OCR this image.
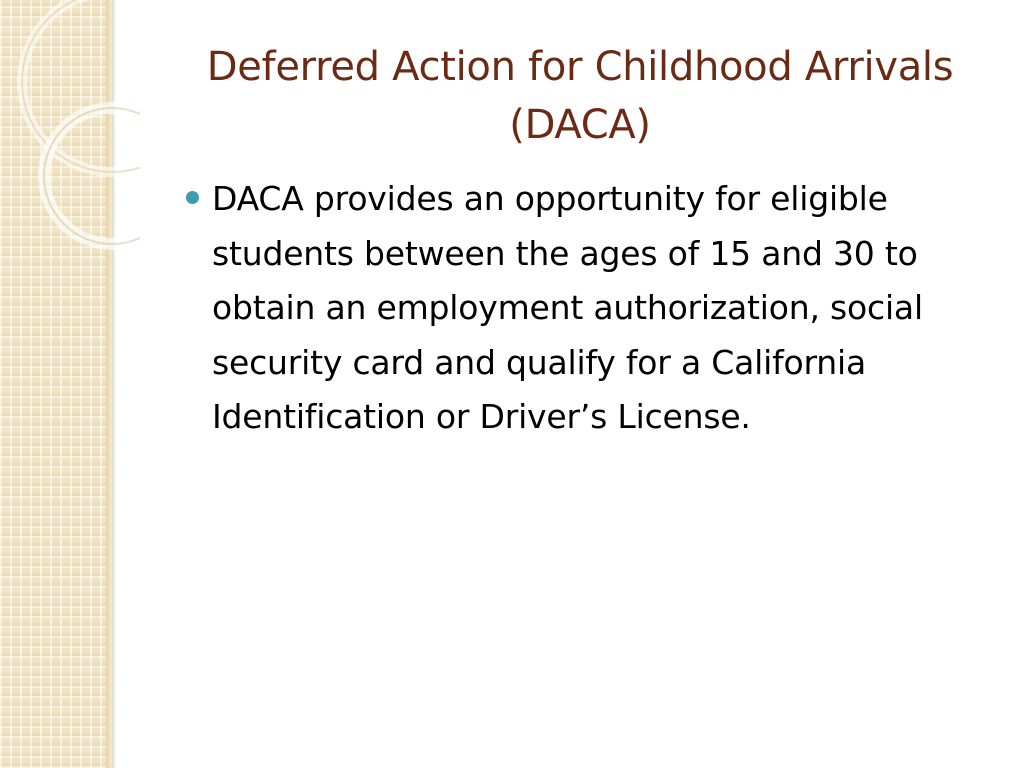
Deferred Action for Childhood Arrivals
(DACA)
DACA provides an opportunity for eligible students between the ages of 15 and 30 to obtain an employment authorization, social security card and qualify for a California Identification or Driver’s License.
